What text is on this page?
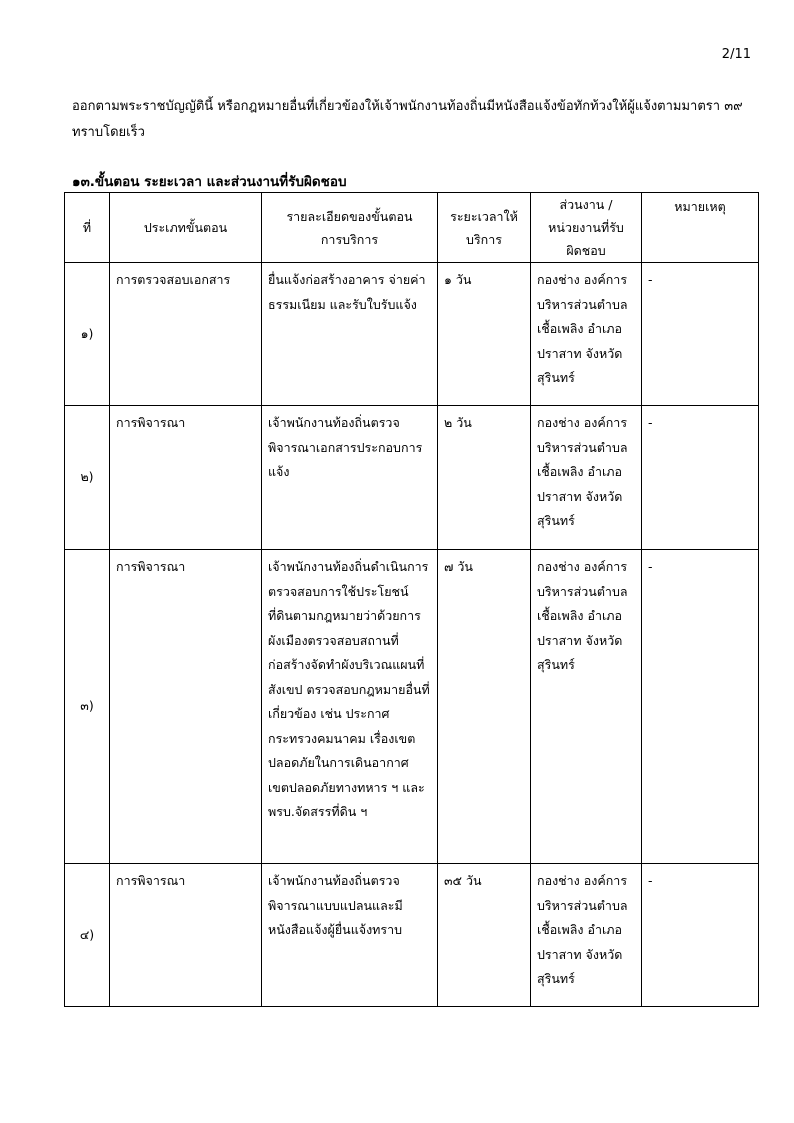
2/11
ออกตามพระราชบัญญัตินี้ หรือกฎหมายอื่นที่เกี่ยวข้องให้เจ้าพนักงานท้องถิ่นมีหนังสือแจ้งข้อทักท้วงให้ผู้แจ้งตามมาตรา ๓๙ ทราบโดยเร็ว
๑๓.ขั้นตอน ระยะเวลา และส่วนงานที่รับผิดชอบ
ที่	ประเภทขั้นตอน	รายละเอียดของขั้นตอนการบริการ	ระยะเวลาให้บริการ	ส่วนงาน / หน่วยงานที่รับผิดชอบ	หมายเหตุ
๑)	การตรวจสอบเอกสาร	ยื่นแจ้งก่อสร้างอาคาร จ่ายค่าธรรมเนียม และรับใบรับแจ้ง	๑ วัน	กองช่าง องค์การบริหารส่วนตำบล เชื้อเพลิง อำเภอปราสาท จังหวัดสุรินทร์	-
๒)	การพิจารณา	เจ้าพนักงานท้องถิ่นตรวจพิจารณาเอกสารประกอบการแจ้ง	๒ วัน	กองช่าง องค์การบริหารส่วนตำบล เชื้อเพลิง อำเภอปราสาท จังหวัดสุรินทร์	-
๓)	การพิจารณา	เจ้าพนักงานท้องถิ่นดำเนินการตรวจสอบการใช้ประโยชน์ที่ดินตามกฎหมายว่าด้วยการผังเมืองตรวจสอบสถานที่ก่อสร้างจัดทำผังบริเวณแผนที่สังเขป ตรวจสอบกฎหมายอื่นที่เกี่ยวข้อง เช่น ประกาศกระทรวงคมนาคม เรื่องเขตปลอดภัยในการเดินอากาศ เขตปลอดภัยทางทหาร ฯ และ พรบ.จัดสรรที่ดิน ฯ	๗ วัน	กองช่าง องค์การบริหารส่วนตำบล เชื้อเพลิง อำเภอปราสาท จังหวัดสุรินทร์	-
๔)	การพิจารณา	เจ้าพนักงานท้องถิ่นตรวจพิจารณาแบบแปลนและมีหนังสือแจ้งผู้ยื่นแจ้งทราบ	๓๕ วัน	กองช่าง องค์การบริหารส่วนตำบล เชื้อเพลิง อำเภอปราสาท จังหวัดสุรินทร์	-
